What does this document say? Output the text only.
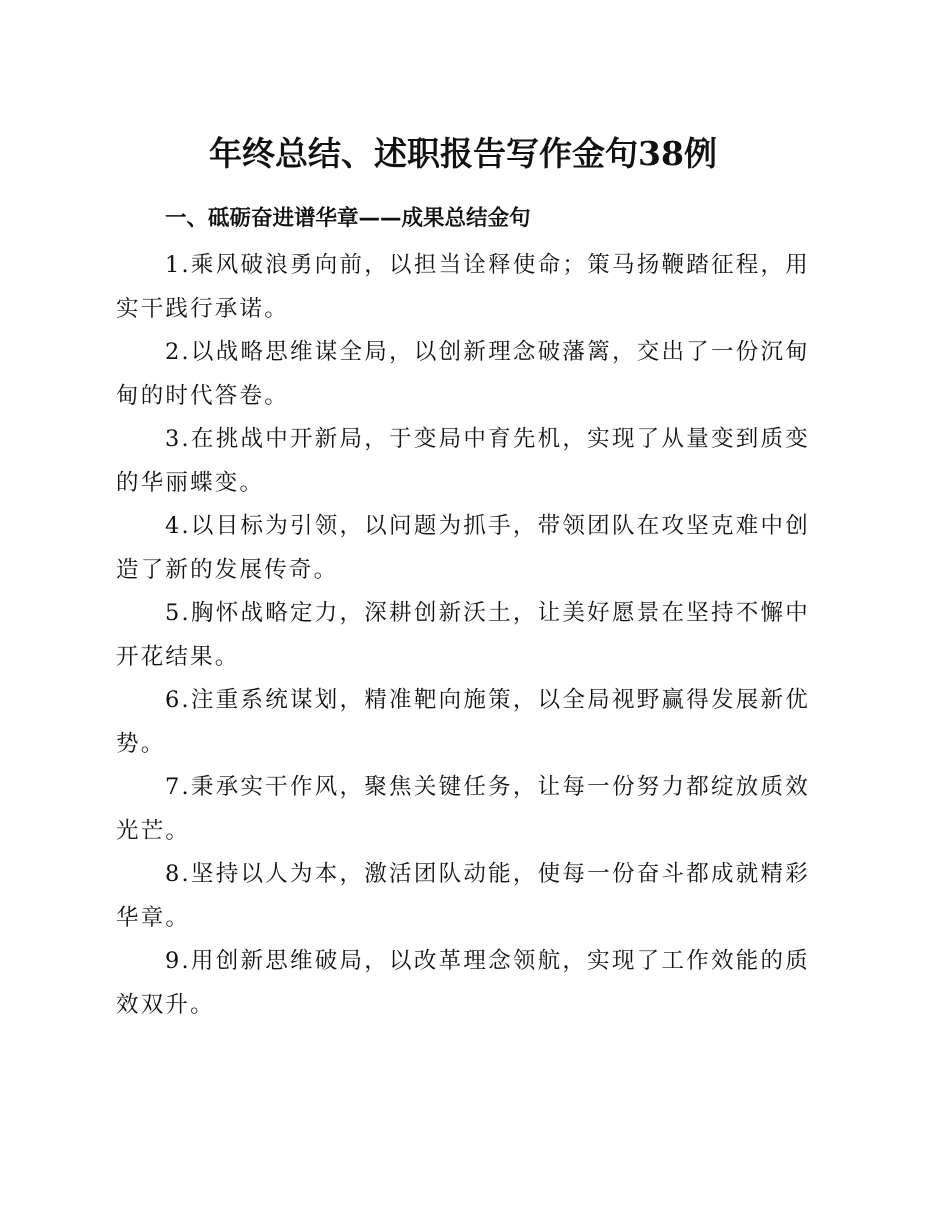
年终总结、述职报告写作金句38例
一、砥砺奋进谱华章——成果总结金句
1.乘风破浪勇向前，以担当诠释使命；策马扬鞭踏征程，用实干践行承诺。
2.以战略思维谋全局，以创新理念破藩篱，交出了一份沉甸甸的时代答卷。
3.在挑战中开新局，于变局中育先机，实现了从量变到质变的华丽蝶变。
4.以目标为引领，以问题为抓手，带领团队在攻坚克难中创造了新的发展传奇。
5.胸怀战略定力，深耕创新沃土，让美好愿景在坚持不懈中开花结果。
6.注重系统谋划，精准靶向施策，以全局视野赢得发展新优势。
7.秉承实干作风，聚焦关键任务，让每一份努力都绽放质效光芒。
8.坚持以人为本，激活团队动能，使每一份奋斗都成就精彩华章。
9.用创新思维破局，以改革理念领航，实现了工作效能的质效双升。
